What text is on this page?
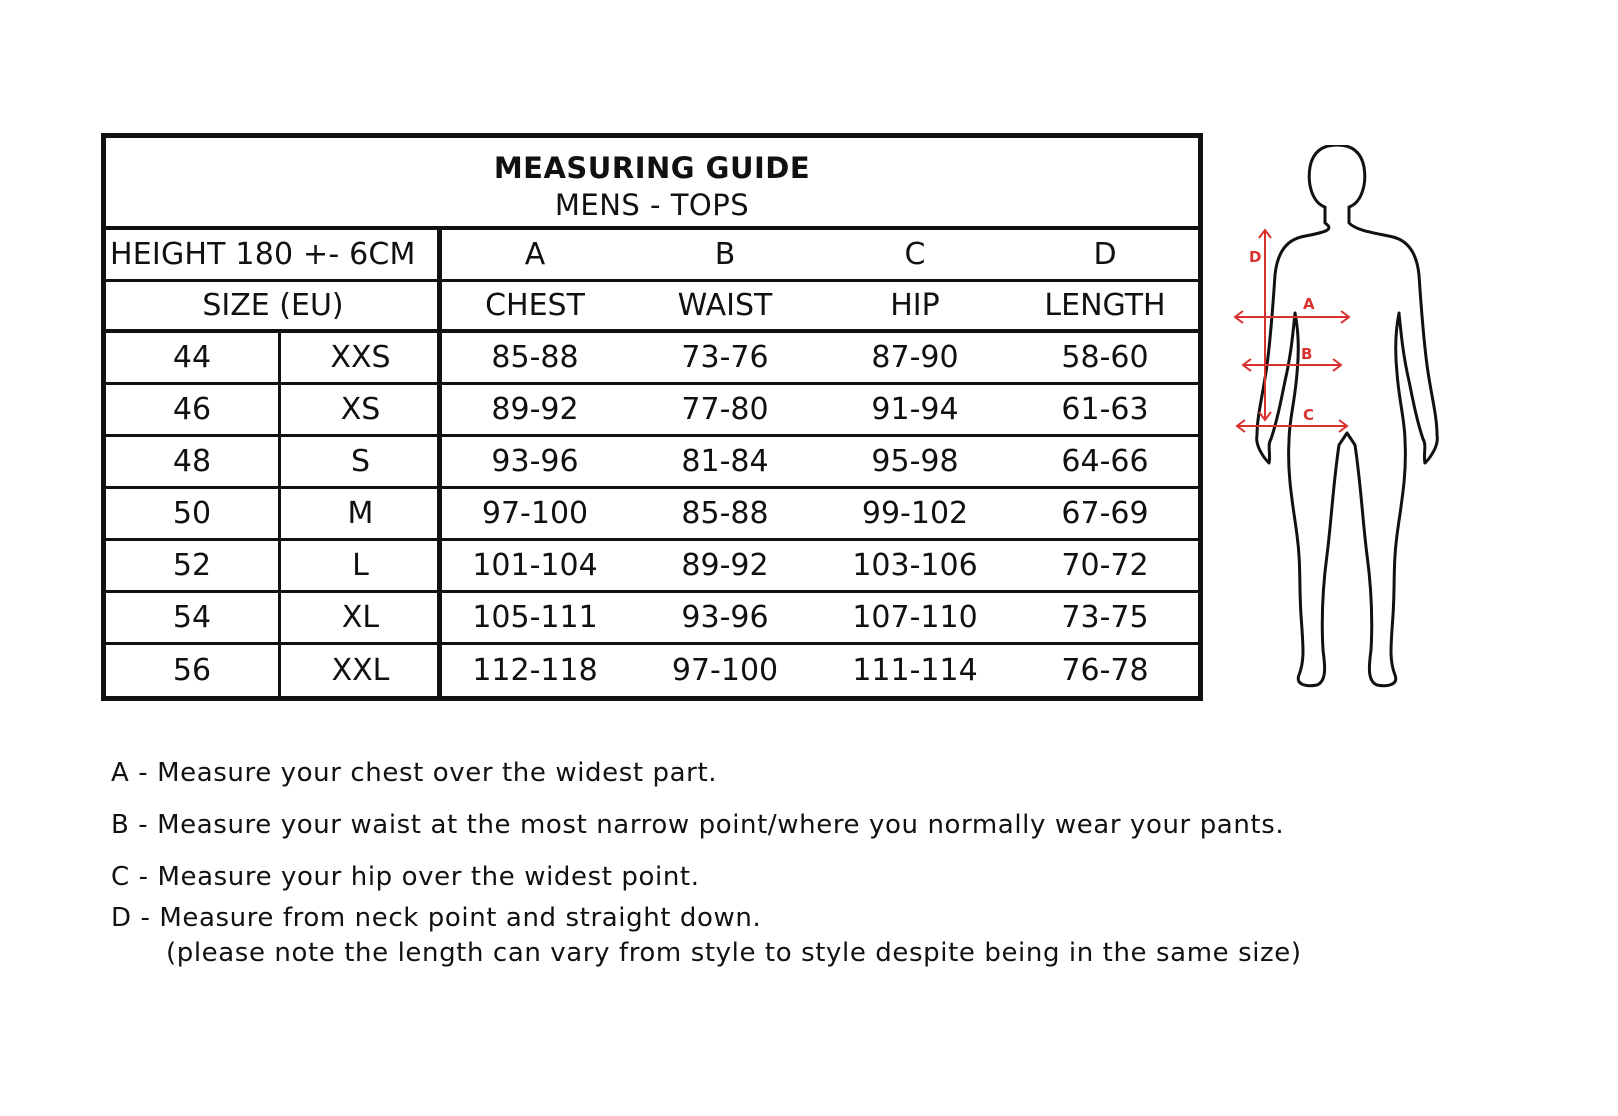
MEASURING GUIDE
MENS - TOPS
HEIGHT 180 +- 6CM	A	B	C	D
SIZE (EU)	CHEST	WAIST	HIP	LENGTH
44	XXS	85-88	73-76	87-90	58-60
46	XS	89-92	77-80	91-94	61-63
48	S	93-96	81-84	95-98	64-66
50	M	97-100	85-88	99-102	67-69
52	L	101-104	89-92	103-106	70-72
54	XL	105-111	93-96	107-110	73-75
56	XXL	112-118	97-100	111-114	76-78
D
A
B
C
A - Measure your chest over the widest part.
B - Measure your waist at the most narrow point/where you normally wear your pants.
C - Measure your hip over the widest point.
D - Measure from neck point and straight down.
(please note the length can vary from style to style despite being in the same size)
